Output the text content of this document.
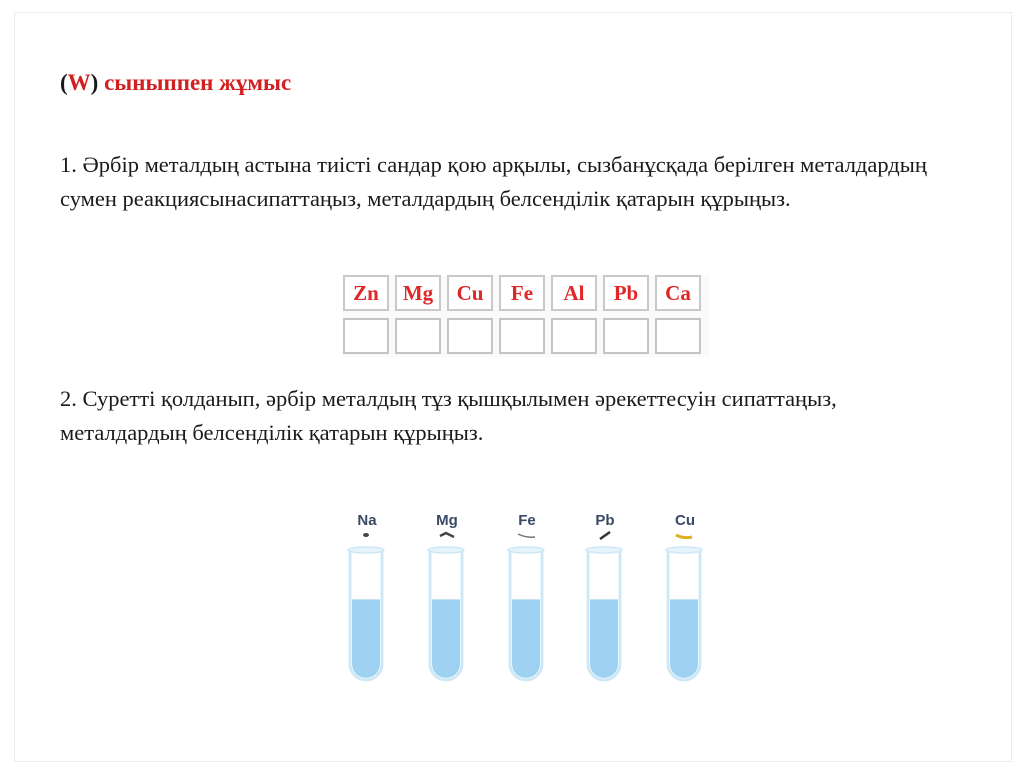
(W) сыныппен жұмыс

1. Әрбір металдың астына тиісті сандар қою арқылы, сызбанұсқада берілген металдардың сумен реакциясынасипаттаңыз, металдардың белсенділік қатарын құрыңыз.

Zn	Mg	Cu	Fe	Al	Pb	Ca

2. Суретті қолданып, әрбір металдың тұз қышқылымен әрекеттесуін сипаттаңыз, металдардың белсенділік қатарын құрыңыз.

Na	Mg	Fe	Pb	Cu
